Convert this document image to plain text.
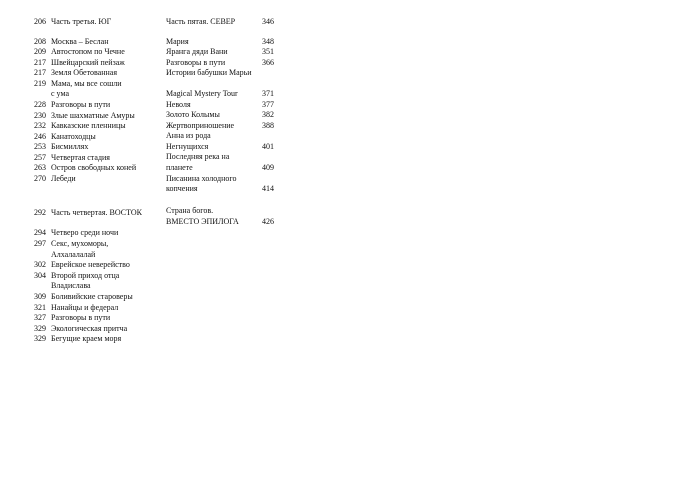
206 Часть третья. ЮГ
208 Москва – Беслан
209 Автостопом по Чечне
217 Швейцарский пейзаж
217 Земля Обетованная
219 Мама, мы все сошли
с ума
228 Разговоры в пути
230 Злые шахматные Амуры
232 Кавказские пленницы
246 Канатоходцы
253 Бисмиллях
257 Четвертая стадия
263 Остров свободных коней
270 Лебеди
292 Часть четвертая. ВОСТОК
294 Четверо среди ночи
297 Секс, мухоморы,
Алхалалалай
302 Еврейское неверейство
304 Второй приход отца
Владислава
309 Боливийские староверы
321 Нанайцы и федерал
327 Разговоры в пути
329 Экологическая притча
329 Бегущие краем моря
Часть пятая. СЕВЕР	346
Мария	348
Яранга дяди Вани	351
Разговоры в пути	366
Истории бабушки Марьи
Magical Mystery Tour	371
Неволя	377
Золото Колымы	382
Жертвоприношение	388
Анна из рода
Негнущихся	401
Последняя река на
планете	409
Писанина холодного
копчения	414
Страна богов.
ВМЕСТО ЭПИЛОГА	426
